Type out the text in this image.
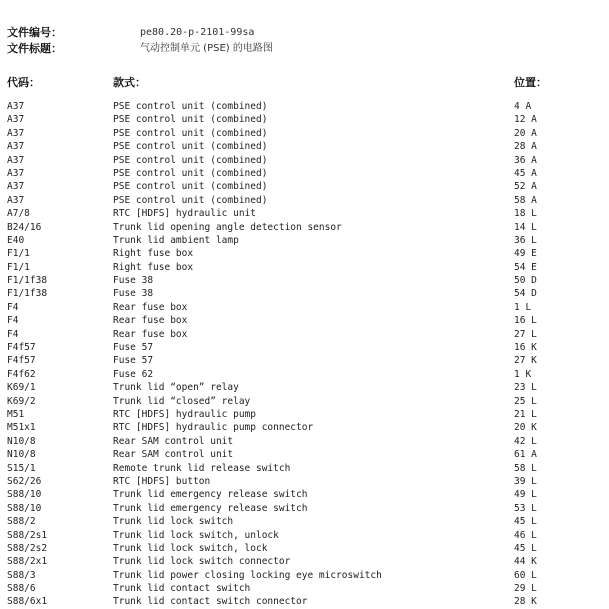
文件编号：	pe80.20-p-2101-99sa
文件标题：	气动控制单元 (PSE) 的电路图
代码：	款式：	位置：
A37	PSE control unit (combined)	4 A
A37	PSE control unit (combined)	12 A
A37	PSE control unit (combined)	20 A
A37	PSE control unit (combined)	28 A
A37	PSE control unit (combined)	36 A
A37	PSE control unit (combined)	45 A
A37	PSE control unit (combined)	52 A
A37	PSE control unit (combined)	58 A
A7/8	RTC [HDFS] hydraulic unit	18 L
B24/16	Trunk lid opening angle detection sensor	14 L
E40	Trunk lid ambient lamp	36 L
F1/1	Right fuse box	49 E
F1/1	Right fuse box	54 E
F1/1f38	Fuse 38	50 D
F1/1f38	Fuse 38	54 D
F4	Rear fuse box	1 L
F4	Rear fuse box	16 L
F4	Rear fuse box	27 L
F4f57	Fuse 57	16 K
F4f57	Fuse 57	27 K
F4f62	Fuse 62	1 K
K69/1	Trunk lid “open” relay	23 L
K69/2	Trunk lid “closed” relay	25 L
M51	RTC [HDFS] hydraulic pump	21 L
M51x1	RTC [HDFS] hydraulic pump connector	20 K
N10/8	Rear SAM control unit	42 L
N10/8	Rear SAM control unit	61 A
S15/1	Remote trunk lid release switch	58 L
S62/26	RTC [HDFS] button	39 L
S88/10	Trunk lid emergency release switch	49 L
S88/10	Trunk lid emergency release switch	53 L
S88/2	Trunk lid lock switch	45 L
S88/2s1	Trunk lid lock switch, unlock	46 L
S88/2s2	Trunk lid lock switch, lock	45 L
S88/2x1	Trunk lid lock switch connector	44 K
S88/3	Trunk lid power closing locking eye microswitch	60 L
S88/6	Trunk lid contact switch	29 L
S88/6x1	Trunk lid contact switch connector	28 K
